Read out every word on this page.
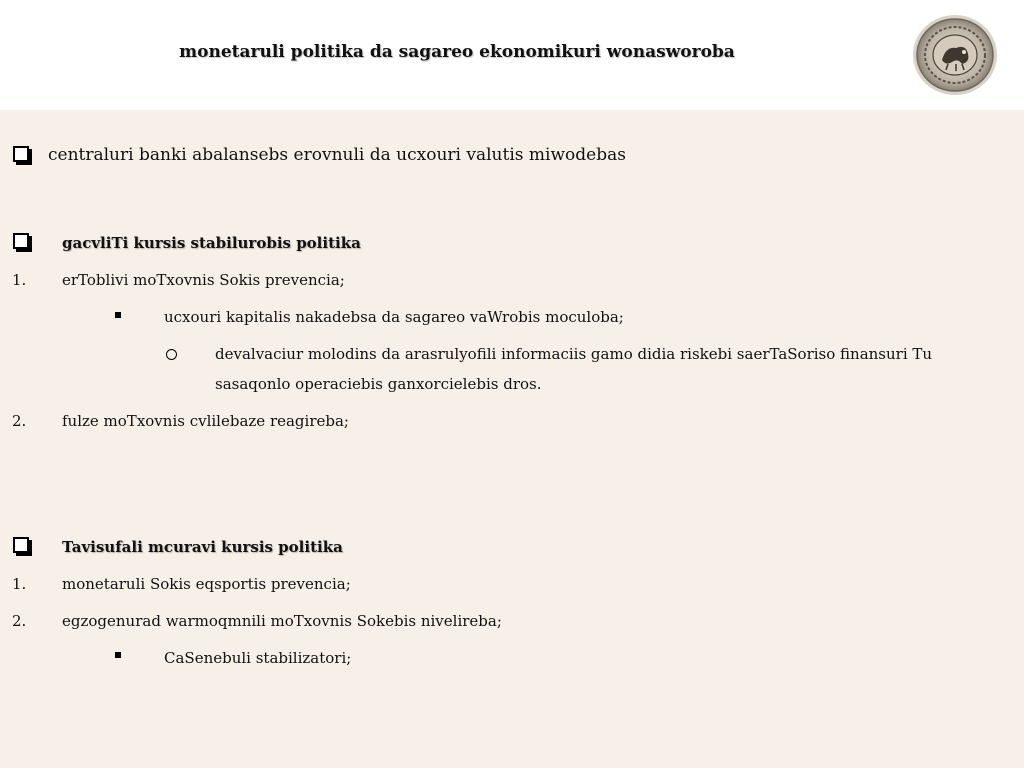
monetaruli politika da sagareo ekonomikuri wonasworoba
centraluri banki abalansebs erovnuli da ucxouri valutis miwodebas
gacvliTi kursis stabilurobis politika
1. erToblivi moTxovnis Sokis prevencia;
ucxouri kapitalis nakadebsa da sagareo vaWrobis moculoba;
devalvaciur molodins da arasrulyofili informaciis gamo didia riskebi saerTaSoriso finansuri Tu
sasaqonlo operaciebis ganxorcielebis dros.
2. fulze moTxovnis cvlilebaze reagireba;
Tavisufali mcuravi kursis politika
1. monetaruli Sokis eqsportis prevencia;
2. egzogenurad warmoqmnili moTxovnis Sokebis nivelireba;
CaSenebuli stabilizatori;
